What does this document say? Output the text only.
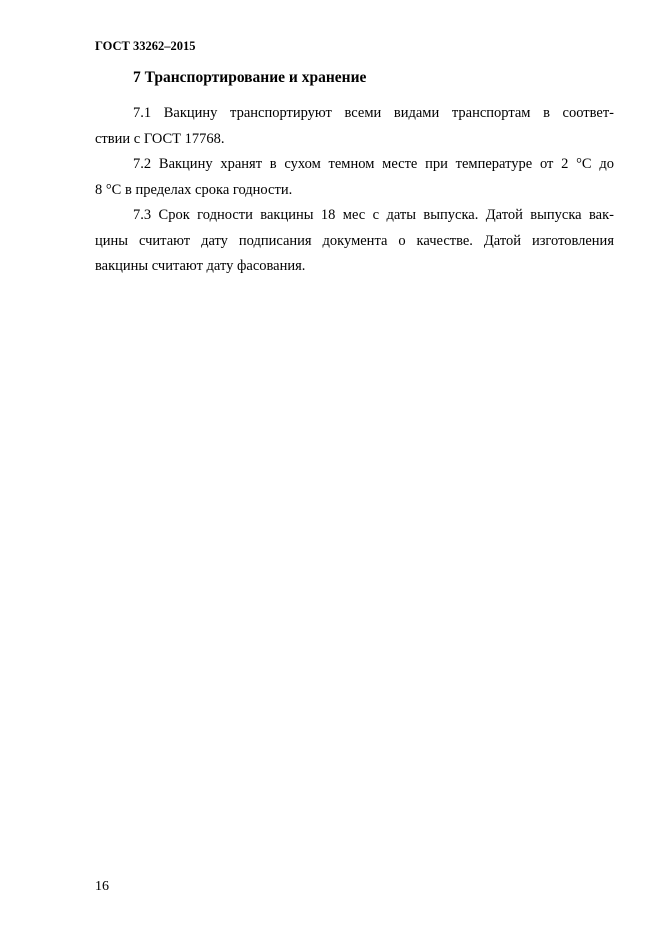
ГОСТ 33262–2015
7 Транспортирование и хранение
7.1 Вакцину транспортируют всеми видами транспортам в соответ-
ствии с ГОСТ 17768.
7.2 Вакцину хранят в сухом темном месте при температуре от 2 °С до
8 °С в пределах срока годности.
7.3 Срок годности вакцины 18 мес с даты выпуска. Датой выпуска вак-
цины считают дату подписания документа о качестве. Датой изготовления
вакцины считают дату фасования.
16
